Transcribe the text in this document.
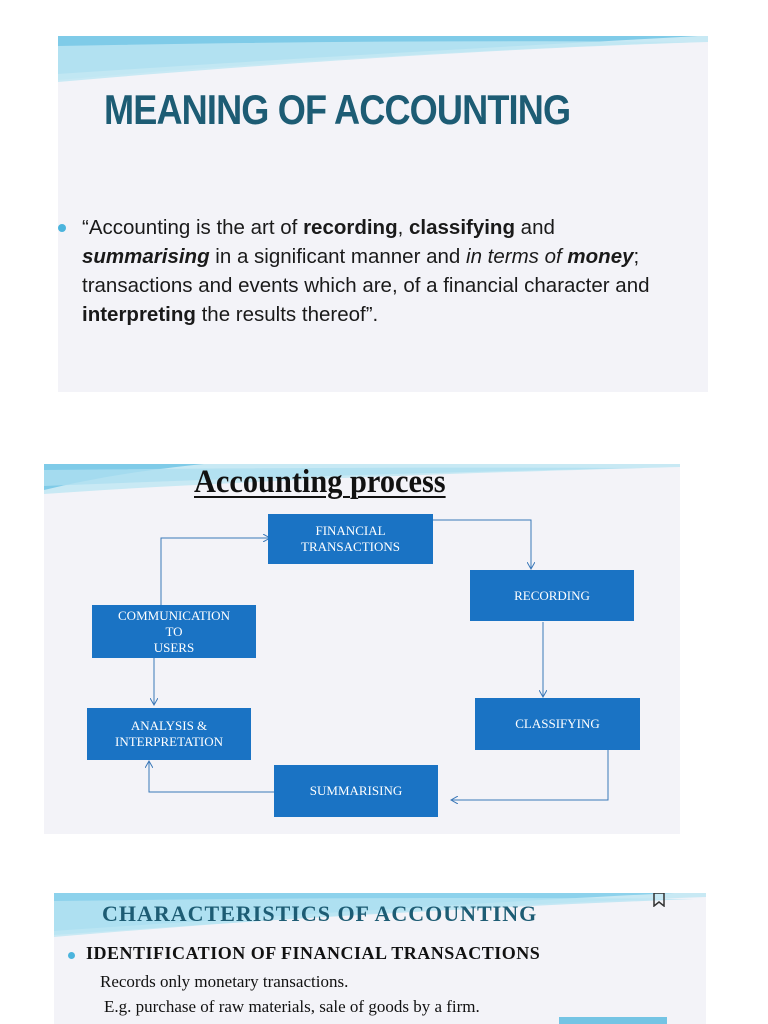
MEANING OF ACCOUNTING

“Accounting is the art of recording, classifying and summarising in a significant manner and in terms of money; transactions and events which are, of a financial character and interpreting the results thereof”.

Accounting process
FINANCIAL
TRANSACTIONS
RECORDING
CLASSIFYING
SUMMARISING
ANALYSIS &
INTERPRETATION
COMMUNICATION
TO
USERS
CHARACTERISTICS OF ACCOUNTING

IDENTIFICATION OF FINANCIAL TRANSACTIONS

Records only monetary transactions.

E.g. purchase of raw materials, sale of goods by a firm.
